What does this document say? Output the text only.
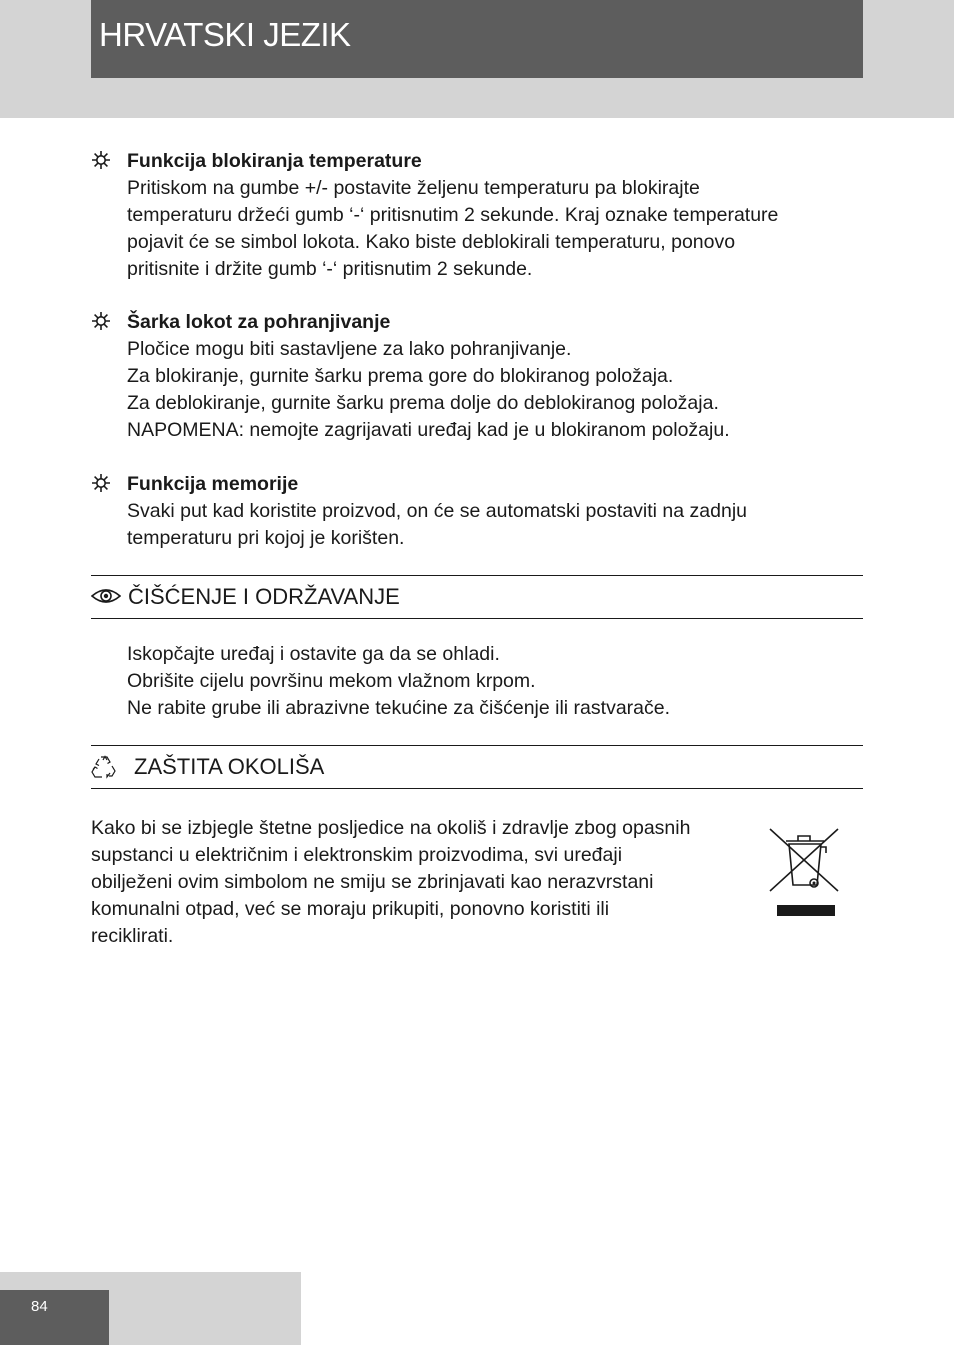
HRVATSKI JEZIK
Funkcija blokiranja temperature
Pritiskom na gumbe +/- postavite željenu temperaturu pa blokirajte
temperaturu držeći gumb ‘-‘ pritisnutim 2 sekunde. Kraj oznake temperature
pojavit će se simbol lokota. Kako biste deblokirali temperaturu, ponovo
pritisnite i držite gumb ‘-‘ pritisnutim 2 sekunde.
Šarka lokot za pohranjivanje
Pločice mogu biti sastavljene za lako pohranjivanje.
Za blokiranje, gurnite šarku prema gore do blokiranog položaja.
Za deblokiranje, gurnite šarku prema dolje do deblokiranog položaja.
NAPOMENA: nemojte zagrijavati uređaj kad je u blokiranom položaju.
Funkcija memorije
Svaki put kad koristite proizvod, on će se automatski postaviti na zadnju
temperaturu pri kojoj je korišten.
ČIŠĆENJE I ODRŽAVANJE
Iskopčajte uređaj i ostavite ga da se ohladi.
Obrišite cijelu površinu mekom vlažnom krpom.
Ne rabite grube ili abrazivne tekućine za čišćenje ili rastvarače.
ZAŠTITA OKOLIŠA
Kako bi se izbjegle štetne posljedice na okoliš i zdravlje zbog opasnih
supstanci u električnim i elektronskim proizvodima, svi uređaji
obilježeni ovim simbolom ne smiju se zbrinjavati kao nerazvrstani
komunalni otpad, već se moraju prikupiti, ponovno koristiti ili
reciklirati.
84
